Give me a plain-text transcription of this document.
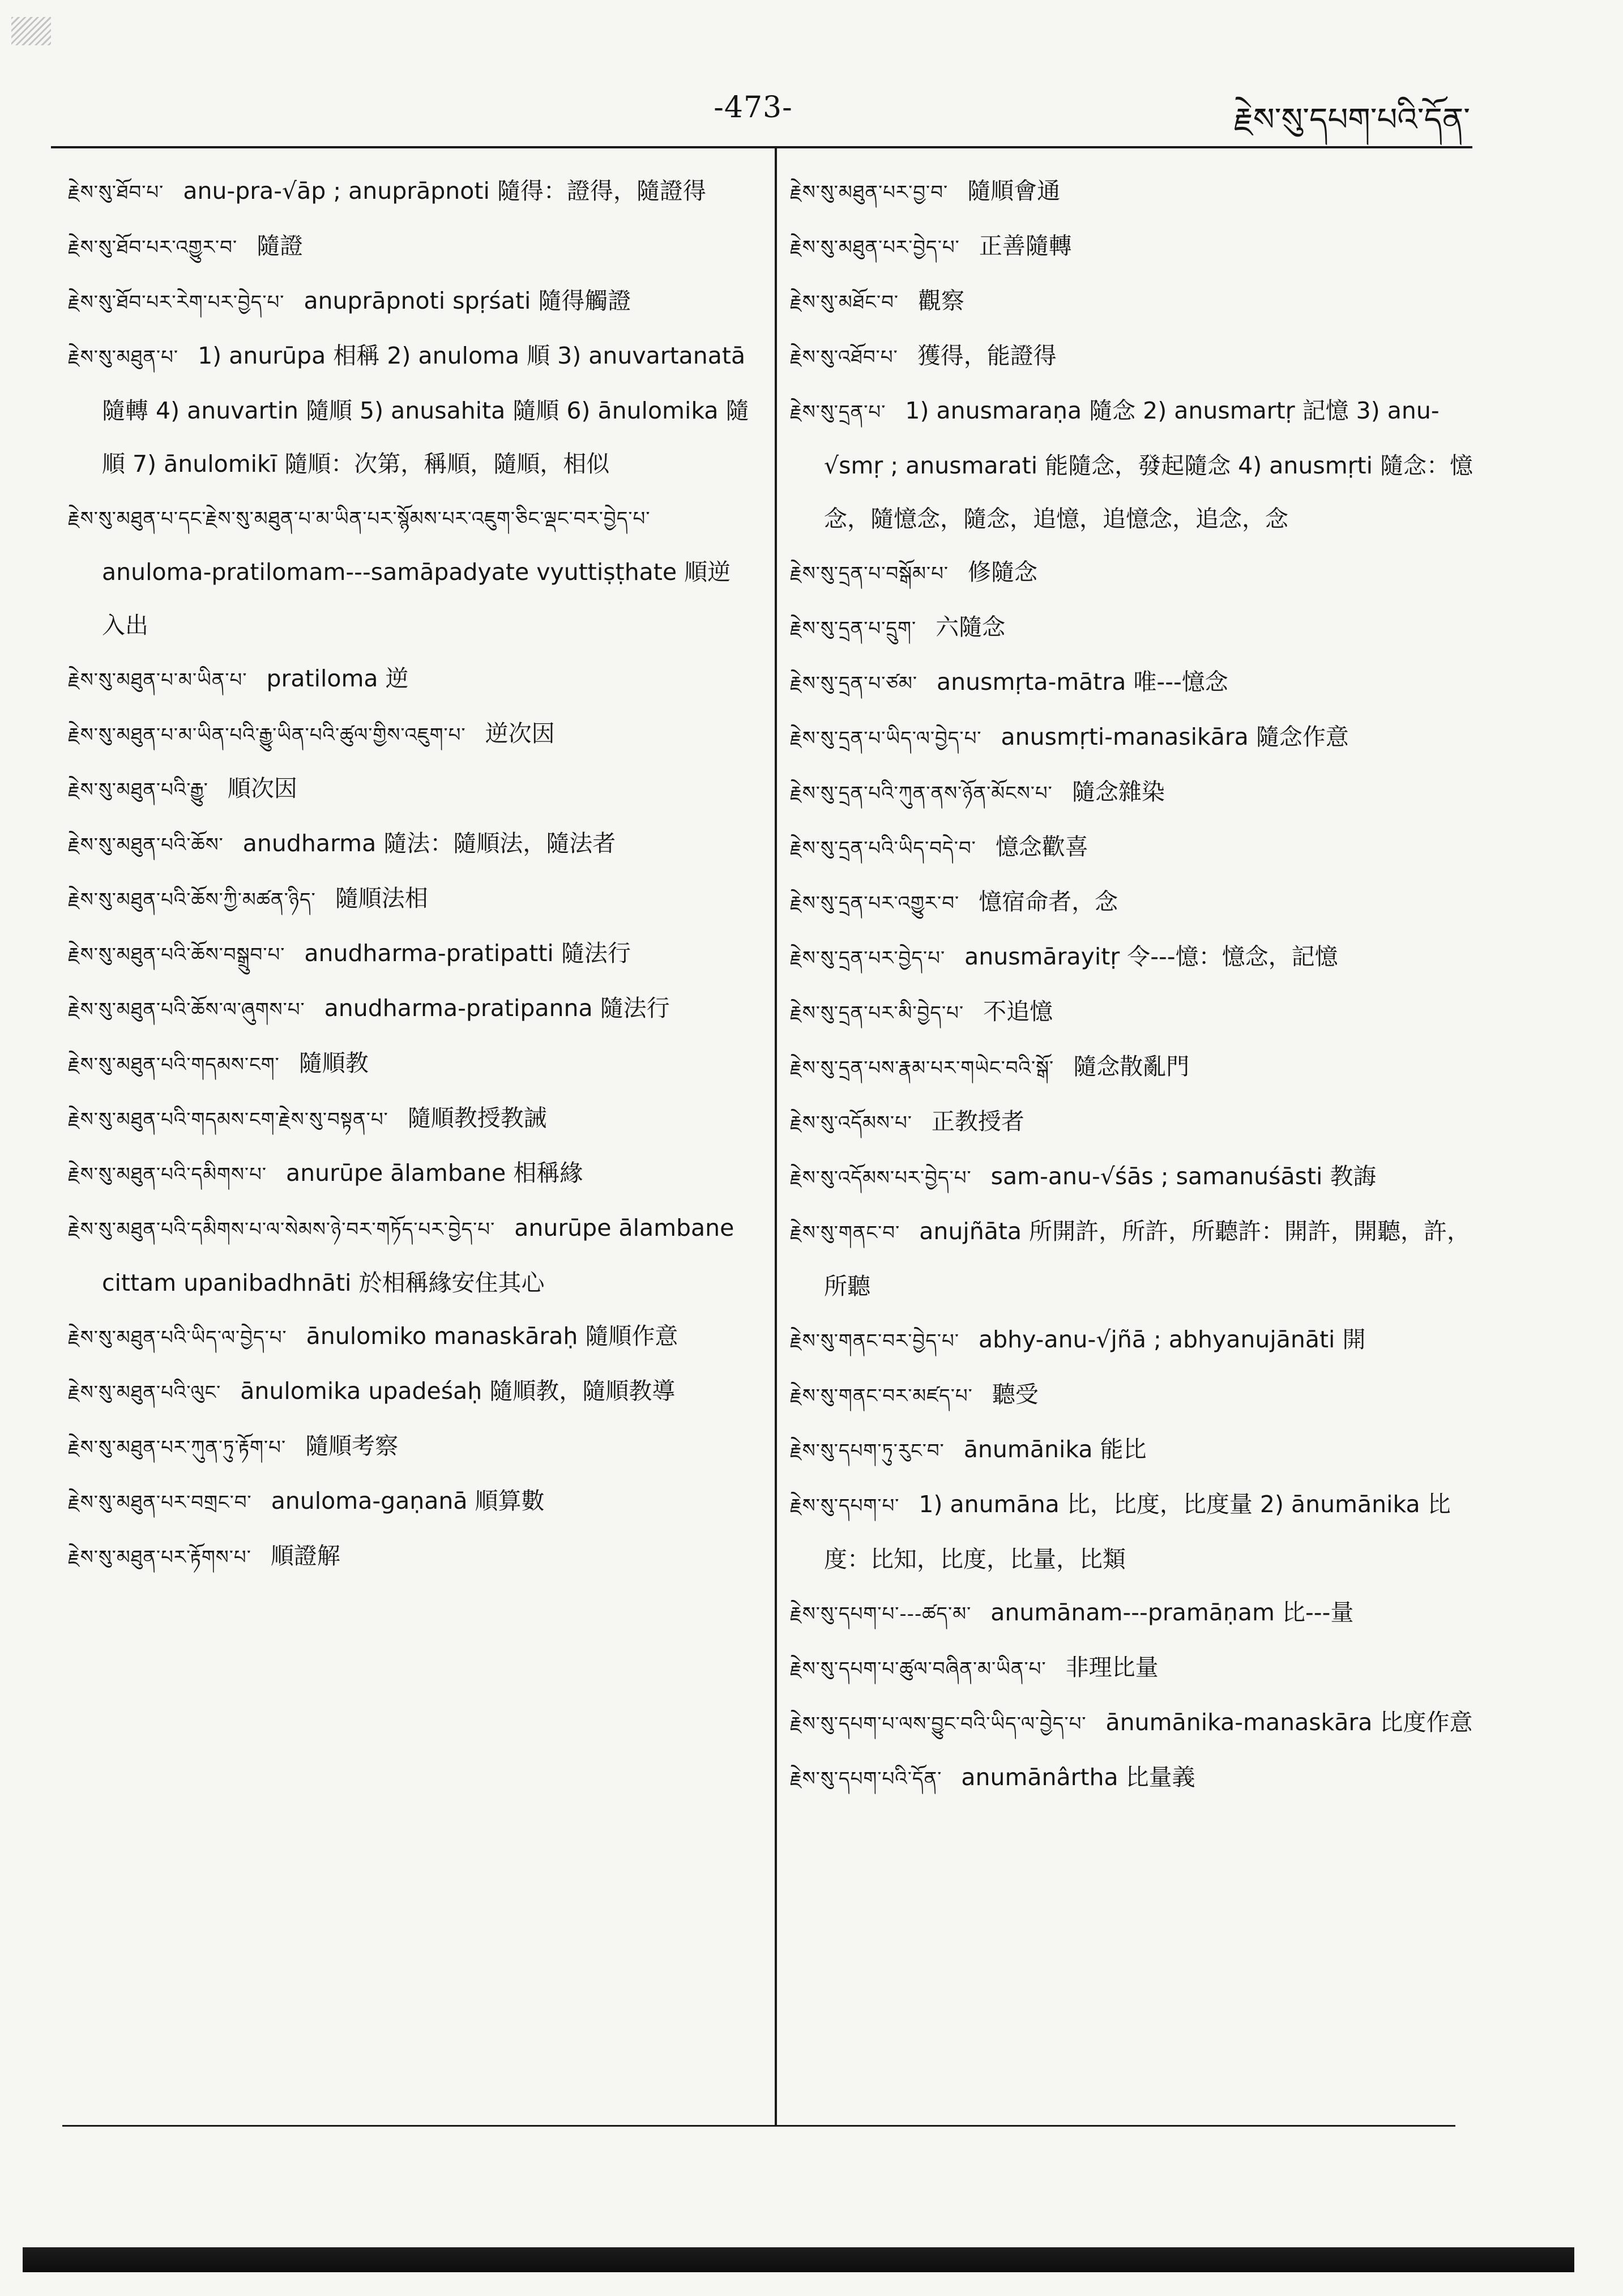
-473-	རྗེས་སུ་དཔག་པའི་དོན་
རྗེས་སུ་ཐོབ་པ་ anu-pra-√āp ; anuprāpnoti 隨得：證得，隨證得
རྗེས་སུ་ཐོབ་པར་འགྱུར་བ་ 隨證
རྗེས་སུ་ཐོབ་པར་རེག་པར་བྱེད་པ་ anuprāpnoti spṛśati 隨得觸證
རྗེས་སུ་མཐུན་པ་ 1) anurūpa 相稱 2) anuloma 順 3) anuvartanatā 隨轉 4) anuvartin 隨順 5) anusahita 隨順 6) ānulomika 隨順 7) ānulomikī 隨順：次第，稱順，隨順，相似
རྗེས་སུ་མཐུན་པ་དང་རྗེས་སུ་མཐུན་པ་མ་ཡིན་པར་སྙོམས་པར་འཇུག་ཅིང་ལྡང་བར་བྱེད་པ་anuloma-pratilomam---samāpadyate vyuttiṣṭhate 順逆入出
རྗེས་སུ་མཐུན་པ་མ་ཡིན་པ་ pratiloma 逆
རྗེས་སུ་མཐུན་པ་མ་ཡིན་པའི་རྒྱུ་ཡིན་པའི་ཚུལ་གྱིས་འཇུག་པ་ 逆次因
རྗེས་སུ་མཐུན་པའི་རྒྱུ་ 順次因
རྗེས་སུ་མཐུན་པའི་ཆོས་ anudharma 隨法：隨順法，隨法者
རྗེས་སུ་མཐུན་པའི་ཆོས་ཀྱི་མཚན་ཉིད་ 隨順法相
རྗེས་སུ་མཐུན་པའི་ཆོས་བསྒྲུབ་པ་ anudharma-pratipatti 隨法行
རྗེས་སུ་མཐུན་པའི་ཆོས་ལ་ཞུགས་པ་ anudharma-pratipanna 隨法行
རྗེས་སུ་མཐུན་པའི་གདམས་ངག་ 隨順教
རྗེས་སུ་མཐུན་པའི་གདམས་ངག་རྗེས་སུ་བསྟན་པ་ 隨順教授教誡
རྗེས་སུ་མཐུན་པའི་དམིགས་པ་ anurūpe ālambane 相稱緣
རྗེས་སུ་མཐུན་པའི་དམིགས་པ་ལ་སེམས་ཉེ་བར་གཏོད་པར་བྱེད་པ་ anurūpe ālambane cittam upanibadhnāti 於相稱緣安住其心
རྗེས་སུ་མཐུན་པའི་ཡིད་ལ་བྱེད་པ་ ānulomiko manaskāraḥ 隨順作意
རྗེས་སུ་མཐུན་པའི་ལུང་ ānulomika upadeśaḥ 隨順教，隨順教導
རྗེས་སུ་མཐུན་པར་ཀུན་ཏུ་རྟོག་པ་ 隨順考察
རྗེས་སུ་མཐུན་པར་བགྲང་བ་ anuloma-gaṇanā 順算數
རྗེས་སུ་མཐུན་པར་རྟོགས་པ་ 順證解
རྗེས་སུ་མཐུན་པར་བྱ་བ་ 隨順會通
རྗེས་སུ་མཐུན་པར་བྱེད་པ་ 正善隨轉
རྗེས་སུ་མཐོང་བ་ 觀察
རྗེས་སུ་འཐོབ་པ་ 獲得，能證得
རྗེས་སུ་དྲན་པ་ 1) anusmaraṇa 隨念 2) anusmartṛ 記憶 3) anu-√smṛ ; anusmarati 能隨念，發起隨念 4) anusmṛti 隨念：憶念，隨憶念，隨念，追憶，追憶念，追念，念
རྗེས་སུ་དྲན་པ་བསྒོམ་པ་ 修隨念
རྗེས་སུ་དྲན་པ་དྲུག་ 六隨念
རྗེས་སུ་དྲན་པ་ཙམ་ anusmṛta-mātra 唯---憶念
རྗེས་སུ་དྲན་པ་ཡིད་ལ་བྱེད་པ་ anusmṛti-manasikāra 隨念作意
རྗེས་སུ་དྲན་པའི་ཀུན་ནས་ཉོན་མོངས་པ་ 隨念雜染
རྗེས་སུ་དྲན་པའི་ཡིད་བདེ་བ་ 憶念歡喜
རྗེས་སུ་དྲན་པར་འགྱུར་བ་ 憶宿命者，念
རྗེས་སུ་དྲན་པར་བྱེད་པ་ anusmārayitṛ 令---憶：憶念，記憶
རྗེས་སུ་དྲན་པར་མི་བྱེད་པ་ 不追憶
རྗེས་སུ་དྲན་པས་རྣམ་པར་གཡེང་བའི་སྒོ་ 隨念散亂門
རྗེས་སུ་འདོམས་པ་ 正教授者
རྗེས་སུ་འདོམས་པར་བྱེད་པ་ sam-anu-√śās ; samanuśāsti 教誨
རྗེས་སུ་གནང་བ་ anujñāta 所開許，所許，所聽許：開許，開聽，許，所聽
རྗེས་སུ་གནང་བར་བྱེད་པ་ abhy-anu-√jñā ; abhyanujānāti 開
རྗེས་སུ་གནང་བར་མཛད་པ་ 聽受
རྗེས་སུ་དཔག་ཏུ་རུང་བ་ ānumānika 能比
རྗེས་སུ་དཔག་པ་ 1) anumāna 比，比度，比度量 2) ānumānika 比度：比知，比度，比量，比類
རྗེས་སུ་དཔག་པ་---ཚད་མ་ anumānam---pramāṇam 比---量
རྗེས་སུ་དཔག་པ་ཚུལ་བཞིན་མ་ཡིན་པ་ 非理比量
རྗེས་སུ་དཔག་པ་ལས་བྱུང་བའི་ཡིད་ལ་བྱེད་པ་ ānumānika-manaskāra 比度作意
རྗེས་སུ་དཔག་པའི་དོན་ anumānârtha 比量義
